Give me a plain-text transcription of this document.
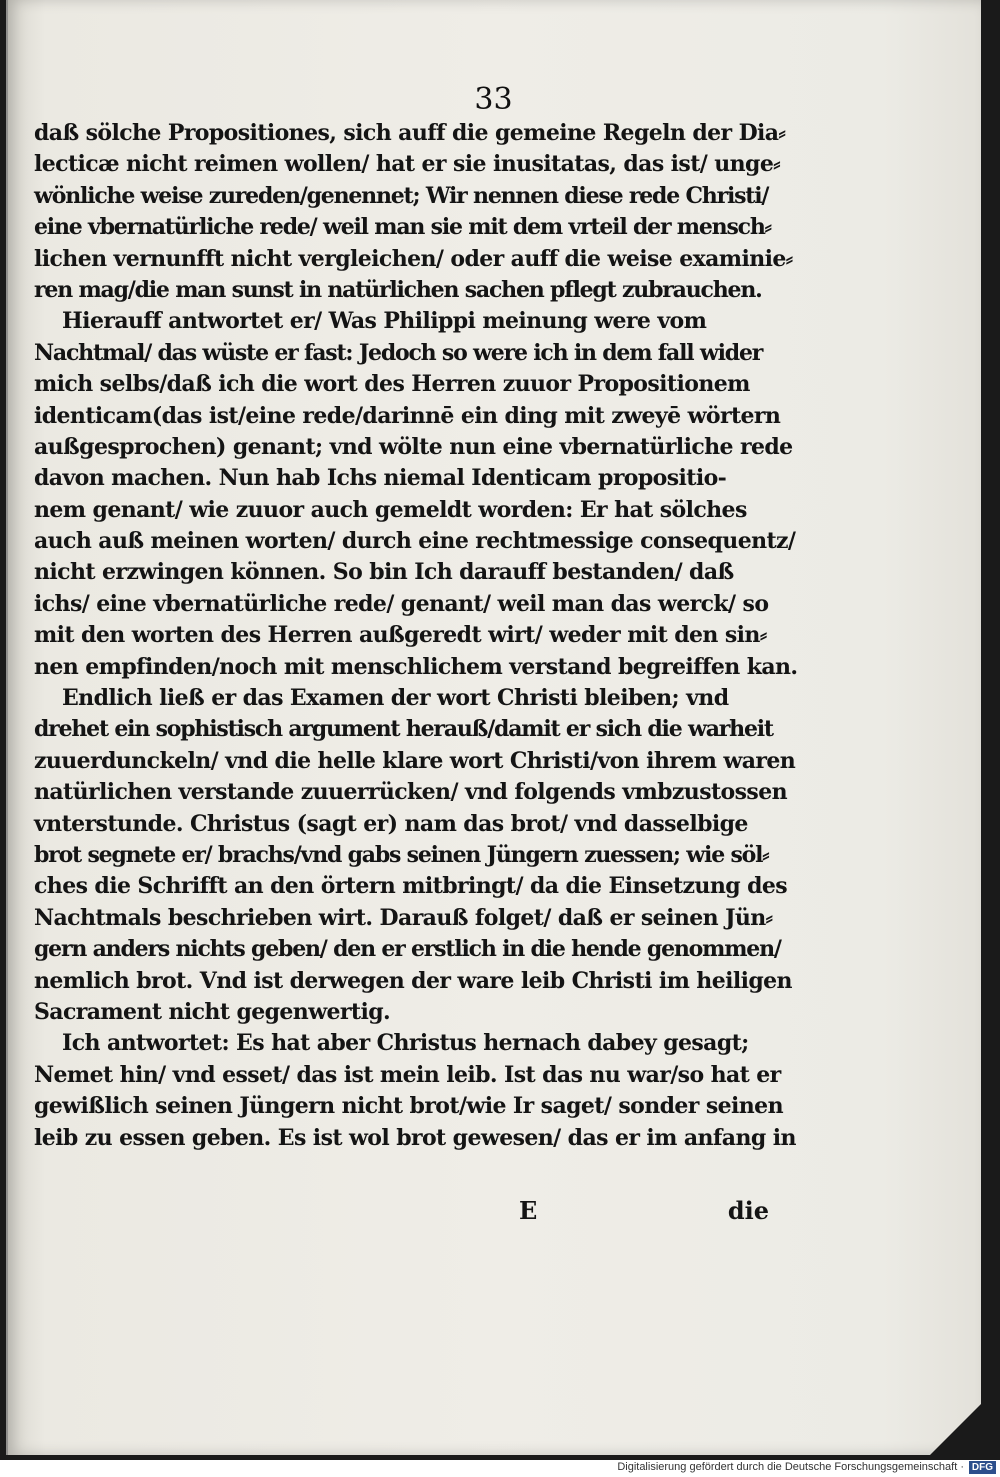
33
daß sölche Propositiones, sich auff die gemeine Regeln der Dia⸗
lecticæ nicht reimen wollen/ hat er sie inusitatas, das ist/ unge⸗
wönliche weise zureden/genennet; Wir nennen diese rede Christi/
eine vbernatürliche rede/ weil man sie mit dem vrteil der mensch⸗
lichen vernunfft nicht vergleichen/ oder auff die weise examinie⸗
ren mag/die man sunst in natürlichen sachen pflegt zubrauchen.
Hierauff antwortet er/ Was Philippi meinung were vom
Nachtmal/ das wüste er fast: Jedoch so were ich in dem fall wider
mich selbs/daß ich die wort des Herren zuuor Propositionem
identicam(das ist/eine rede/darinnē ein ding mit zweyē wörtern
außgesprochen) genant; vnd wölte nun eine vbernatürliche rede
davon machen. Nun hab Ichs niemal Identicam propositio-
nem genant/ wie zuuor auch gemeldt worden: Er hat sölches
auch auß meinen worten/ durch eine rechtmessige consequentz/
nicht erzwingen können. So bin Ich darauff bestanden/ daß
ichs/ eine vbernatürliche rede/ genant/ weil man das werck/ so
mit den worten des Herren außgeredt wirt/ weder mit den sin⸗
nen empfinden/noch mit menschlichem verstand begreiffen kan.
Endlich ließ er das Examen der wort Christi bleiben; vnd
drehet ein sophistisch argument herauß/damit er sich die warheit
zuuerdunckeln/ vnd die helle klare wort Christi/von ihrem waren
natürlichen verstande zuuerrücken/ vnd folgends vmbzustossen
vnterstunde. Christus (sagt er) nam das brot/ vnd dasselbige
brot segnete er/ brachs/vnd gabs seinen Jüngern zuessen; wie söl⸗
ches die Schrifft an den örtern mitbringt/ da die Einsetzung des
Nachtmals beschrieben wirt. Darauß folget/ daß er seinen Jün⸗
gern anders nichts geben/ den er erstlich in die hende genommen/
nemlich brot. Vnd ist derwegen der ware leib Christi im heiligen
Sacrament nicht gegenwertig.
Ich antwortet: Es hat aber Christus hernach dabey gesagt;
Nemet hin/ vnd esset/ das ist mein leib. Ist das nu war/so hat er
gewißlich seinen Jüngern nicht brot/wie Ir saget/ sonder seinen
leib zu essen geben. Es ist wol brot gewesen/ das er im anfang in
E	die
Digitalisierung gefördert durch die Deutsche Forschungsgemeinschaft · DFG
